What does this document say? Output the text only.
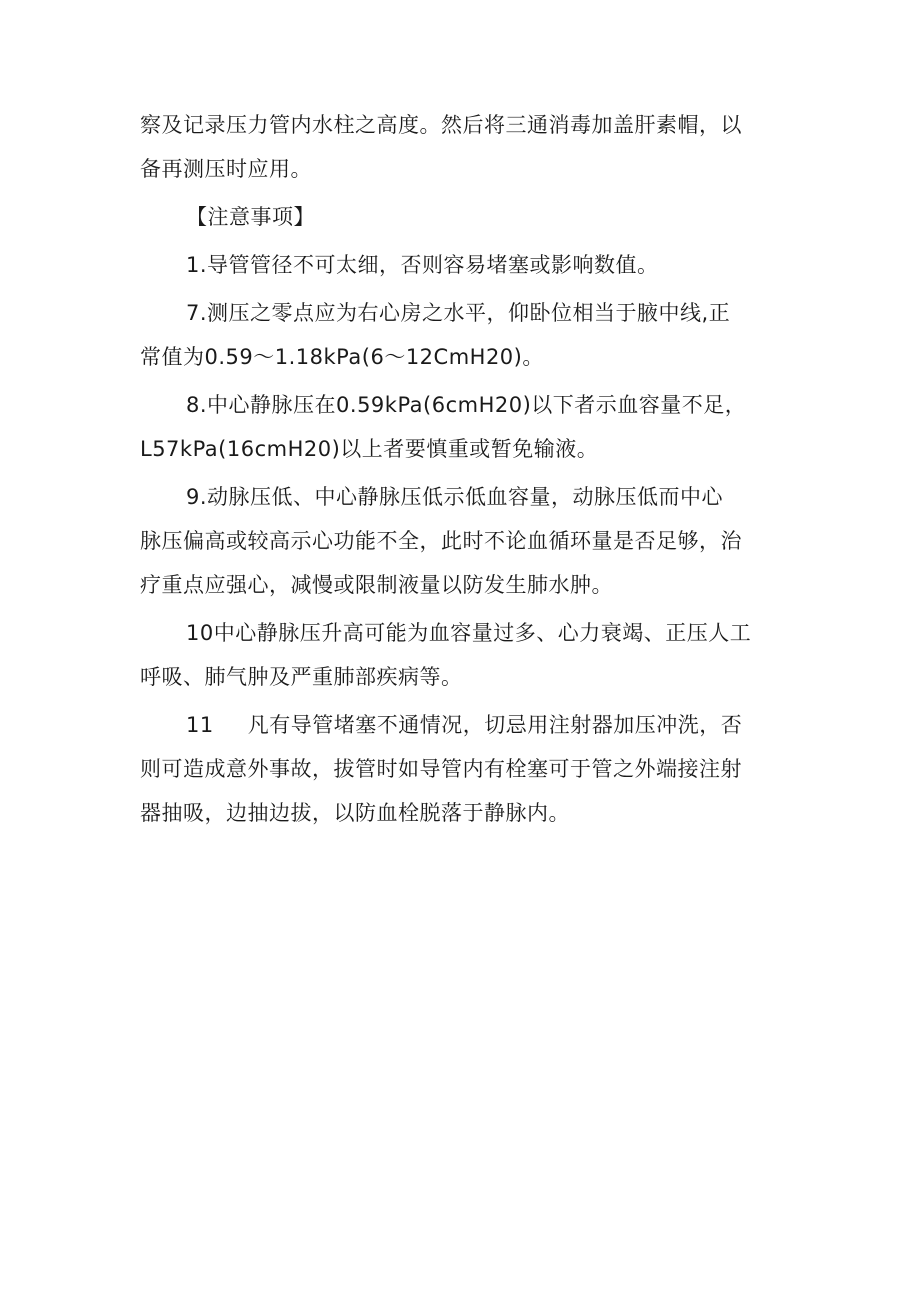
察及记录压力管内水柱之高度。然后将三通消毒加盖肝素帽，以
备再测压时应用。

【注意事项】

1.导管管径不可太细，否则容易堵塞或影响数值。

7.测压之零点应为右心房之水平，仰卧位相当于腋中线,正
常值为0.59～1.18kPa(6～12CmH20)。

8.中心静脉压在0.59kPa(6cmH20)以下者示血容量不足，
L57kPa(16cmH20)以上者要慎重或暂免输液。

9.动脉压低、中心静脉压低示低血容量，动脉压低而中心
脉压偏高或较高示心功能不全，此时不论血循环量是否足够，治
疗重点应强心，减慢或限制液量以防发生肺水肿。

10中心静脉压升高可能为血容量过多、心力衰竭、正压人工
呼吸、肺气肿及严重肺部疾病等。

11 凡有导管堵塞不通情况，切忌用注射器加压冲洗，否
则可造成意外事故，拔管时如导管内有栓塞可于管之外端接注射
器抽吸，边抽边拔，以防血栓脱落于静脉内。
